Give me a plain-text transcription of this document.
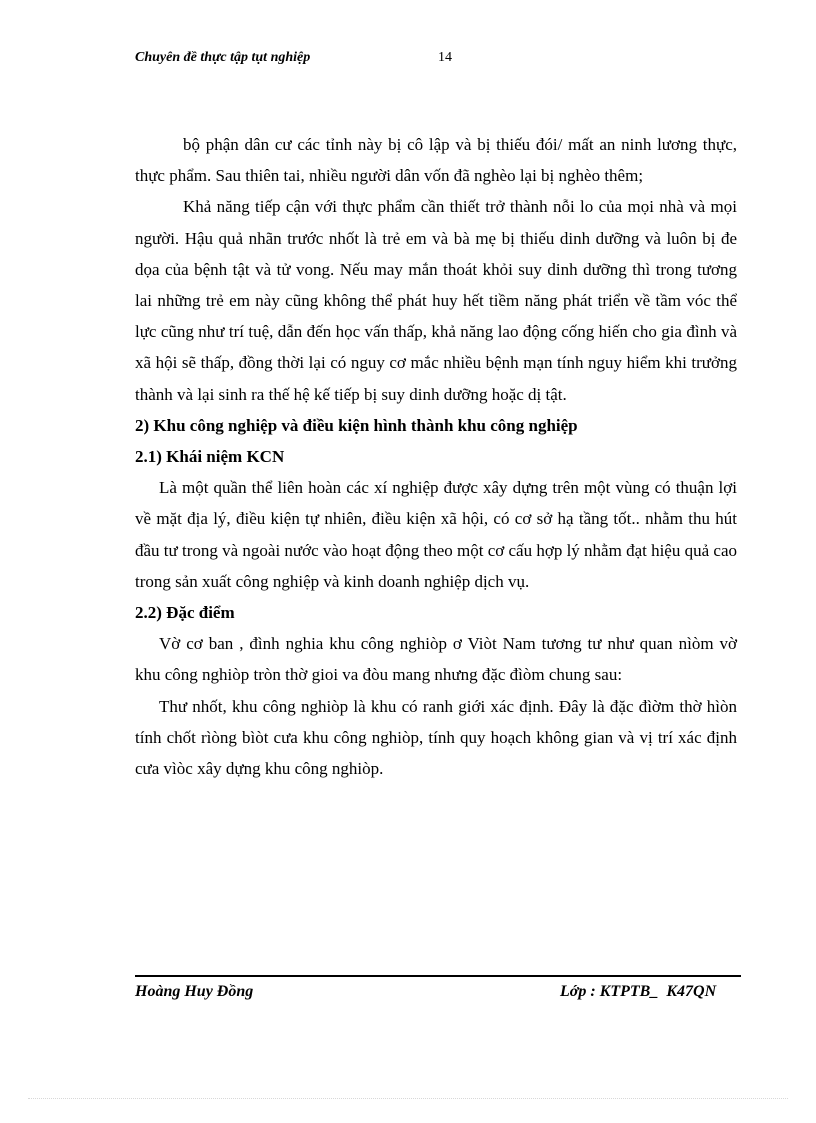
Chuyên đề thực tập tụt nghiệp	14

bộ phận dân cư các tỉnh này bị cô lập và bị thiếu đói/ mất an ninh lương thực, thực phẩm. Sau thiên tai, nhiều người dân vốn đã nghèo lại bị nghèo thêm;

Khả năng tiếp cận với thực phẩm cần thiết trở thành nỗi lo của mọi nhà và mọi người. Hậu quả nhãn trước nhốt là trẻ em và bà mẹ bị thiếu dinh dưỡng và luôn bị đe dọa của bệnh tật và tử vong. Nếu may mắn thoát khỏi suy dinh dưỡng thì trong tương lai những trẻ em này cũng không thể phát huy hết tiềm năng phát triển về tầm vóc thể lực cũng như trí tuệ, dẫn đến học vấn thấp, khả năng lao động cống hiến cho gia đình và xã hội sẽ thấp, đồng thời lại có nguy cơ mắc nhiều bệnh mạn tính nguy hiểm khi trưởng thành và lại sinh ra thế hệ kế tiếp bị suy dinh dưỡng hoặc dị tật.

2) Khu công nghiệp và điều kiện hình thành khu công nghiệp
2.1) Khái niệm KCN

Là một quần thể liên hoàn các xí nghiệp được xây dựng trên một vùng có thuận lợi về mặt địa lý, điều kiện tự nhiên, điều kiện xã hội, có cơ sở hạ tầng tốt.. nhằm thu hút đầu tư trong và ngoài nước vào hoạt động theo một cơ cấu hợp lý nhằm đạt hiệu quả cao trong sản xuất công nghiệp và kinh doanh nghiệp dịch vụ.

2.2) Đặc điểm

Vờ cơ ban , đình nghia khu công nghiòp ơ Viòt Nam tương tư như quan nìòm vờ khu công nghiòp tròn thờ gioi va đòu mang nhưng đặc đìòm chung sau:

Thư nhốt, khu công nghiòp là khu có ranh giới xác định. Đây là đặc đìờm thờ hìòn tính chốt rìòng bìòt cưa khu công nghiòp, tính quy hoạch không gian và vị trí xác định cưa vìòc xây dựng khu công nghiòp.

Hoàng Huy Đồng	Lớp : KTPTB_  K47QN
